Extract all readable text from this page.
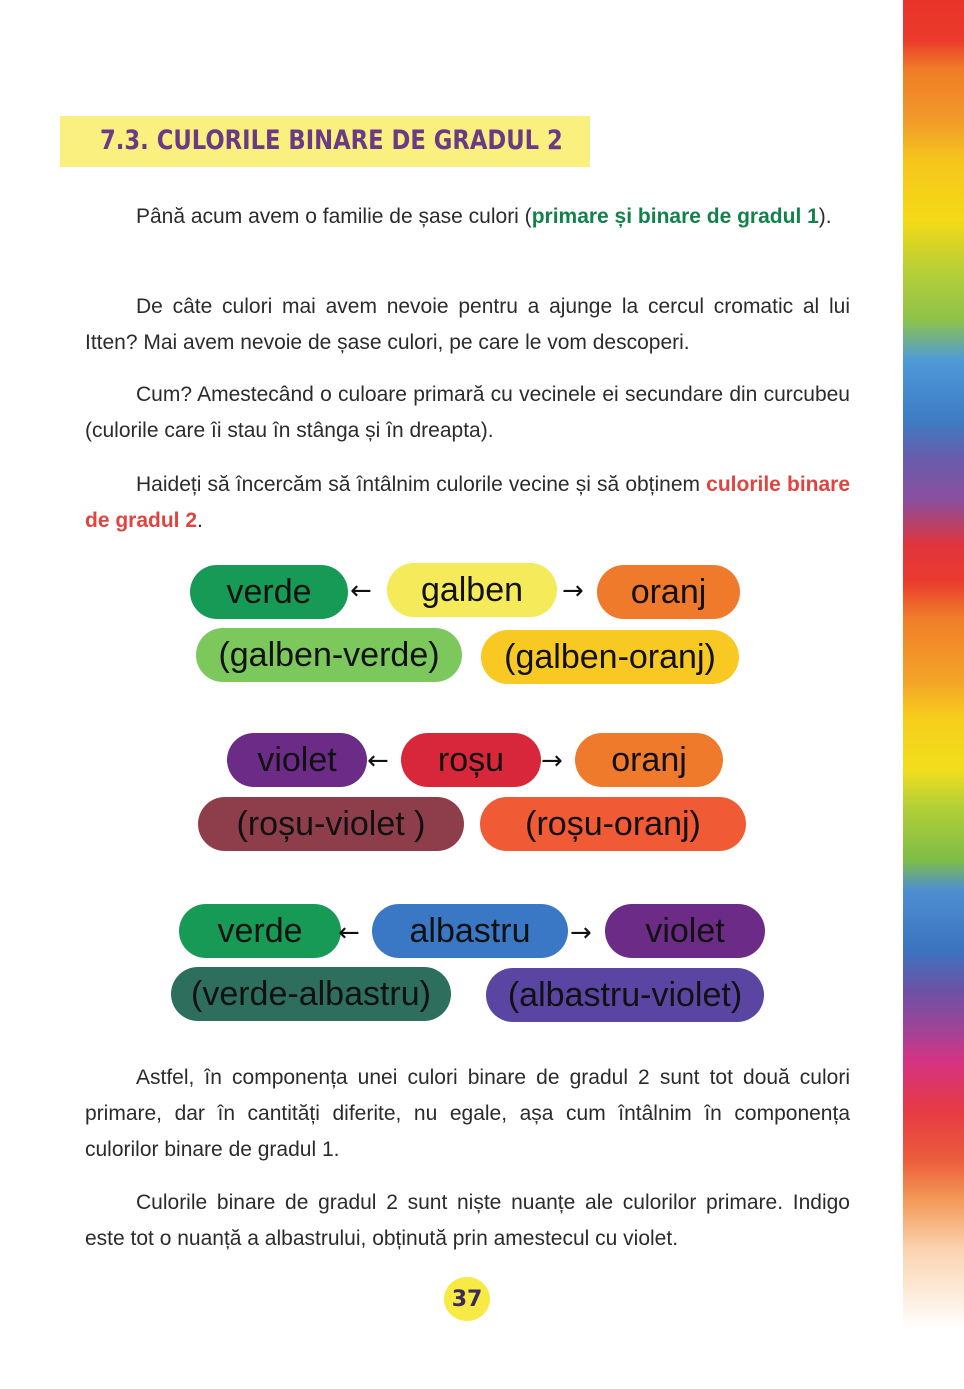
7.3. CULORILE BINARE DE GRADUL 2

Până acum avem o familie de șase culori (primare și binare de gradul 1).

De câte culori mai avem nevoie pentru a ajunge la cercul cromatic al lui Itten? Mai avem nevoie de șase culori, pe care le vom descoperi.

Cum? Amestecând o culoare primară cu vecinele ei secundare din curcubeu (culorile care îi stau în stânga și în dreapta).

Haideți să încercăm să întâlnim culorile vecine și să obținem culorile binare de gradul 2.

verde	←	galben	→	oranj
(galben-verde)	(galben-oranj)
violet	←	roșu	→	oranj
(roșu-violet )	(roșu-oranj)
verde	←	albastru	→	violet
(verde-albastru)	(albastru-violet)

Astfel, în componența unei culori binare de gradul 2 sunt tot două culori primare, dar în cantități diferite, nu egale, așa cum întâlnim în componența culorilor binare de gradul 1.

Culorile binare de gradul 2 sunt niște nuanțe ale culorilor primare. Indigo este tot o nuanță a albastrului, obținută prin amestecul cu violet.

37
